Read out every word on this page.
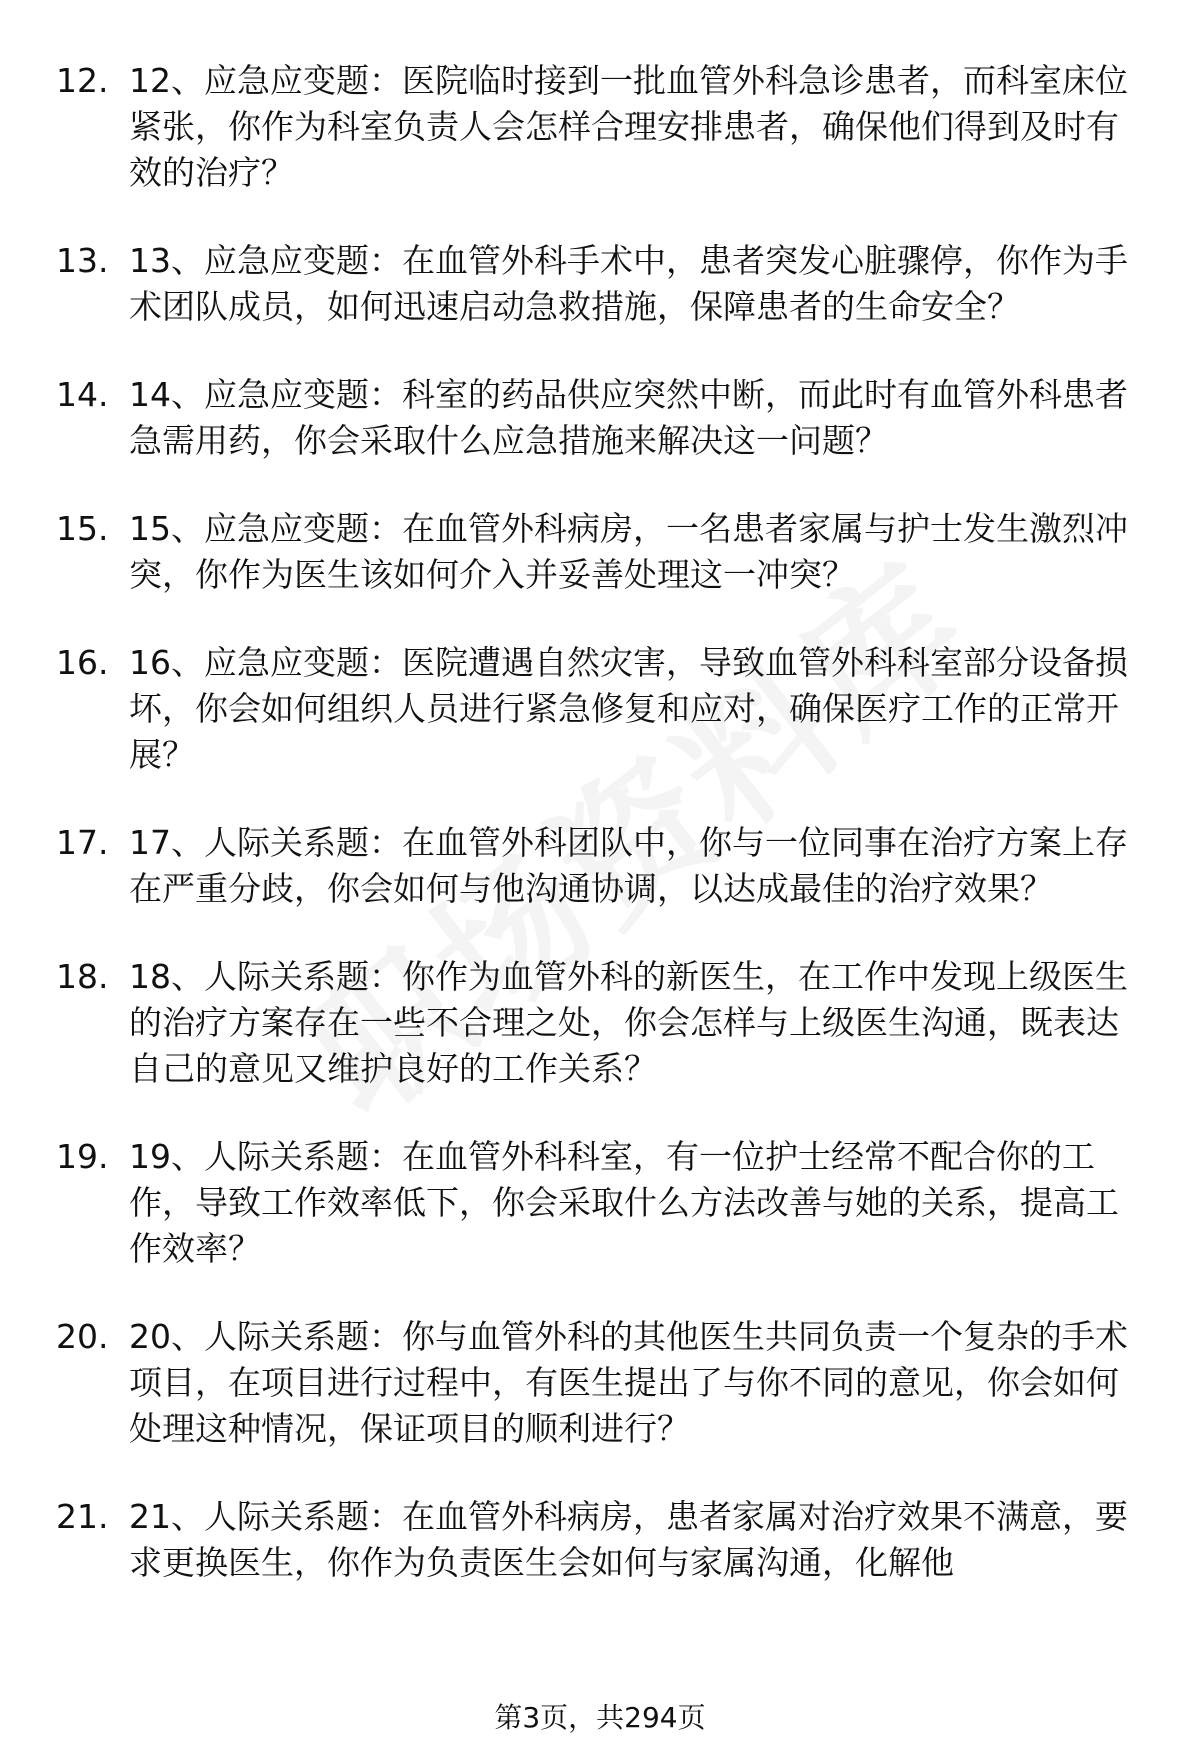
12. 12、应急应变题：医院临时接到一批血管外科急诊患者，而科室床位紧张，你作为科室负责人会怎样合理安排患者，确保他们得到及时有效的治疗？
13. 13、应急应变题：在血管外科手术中，患者突发心脏骤停，你作为手术团队成员，如何迅速启动急救措施，保障患者的生命安全？
14. 14、应急应变题：科室的药品供应突然中断，而此时有血管外科患者急需用药，你会采取什么应急措施来解决这一问题？
15. 15、应急应变题：在血管外科病房，一名患者家属与护士发生激烈冲突，你作为医生该如何介入并妥善处理这一冲突？
16. 16、应急应变题：医院遭遇自然灾害，导致血管外科科室部分设备损坏，你会如何组织人员进行紧急修复和应对，确保医疗工作的正常开展？
17. 17、人际关系题：在血管外科团队中，你与一位同事在治疗方案上存在严重分歧，你会如何与他沟通协调，以达成最佳的治疗效果？
18. 18、人际关系题：你作为血管外科的新医生，在工作中发现上级医生的治疗方案存在一些不合理之处，你会怎样与上级医生沟通，既表达自己的意见又维护良好的工作关系？
19. 19、人际关系题：在血管外科科室，有一位护士经常不配合你的工作，导致工作效率低下，你会采取什么方法改善与她的关系，提高工作效率？
20. 20、人际关系题：你与血管外科的其他医生共同负责一个复杂的手术项目，在项目进行过程中，有医生提出了与你不同的意见，你会如何处理这种情况，保证项目的顺利进行？
21. 21、人际关系题：在血管外科病房，患者家属对治疗效果不满意，要求更换医生，你作为负责医生会如何与家属沟通，化解他
第3页，共294页
